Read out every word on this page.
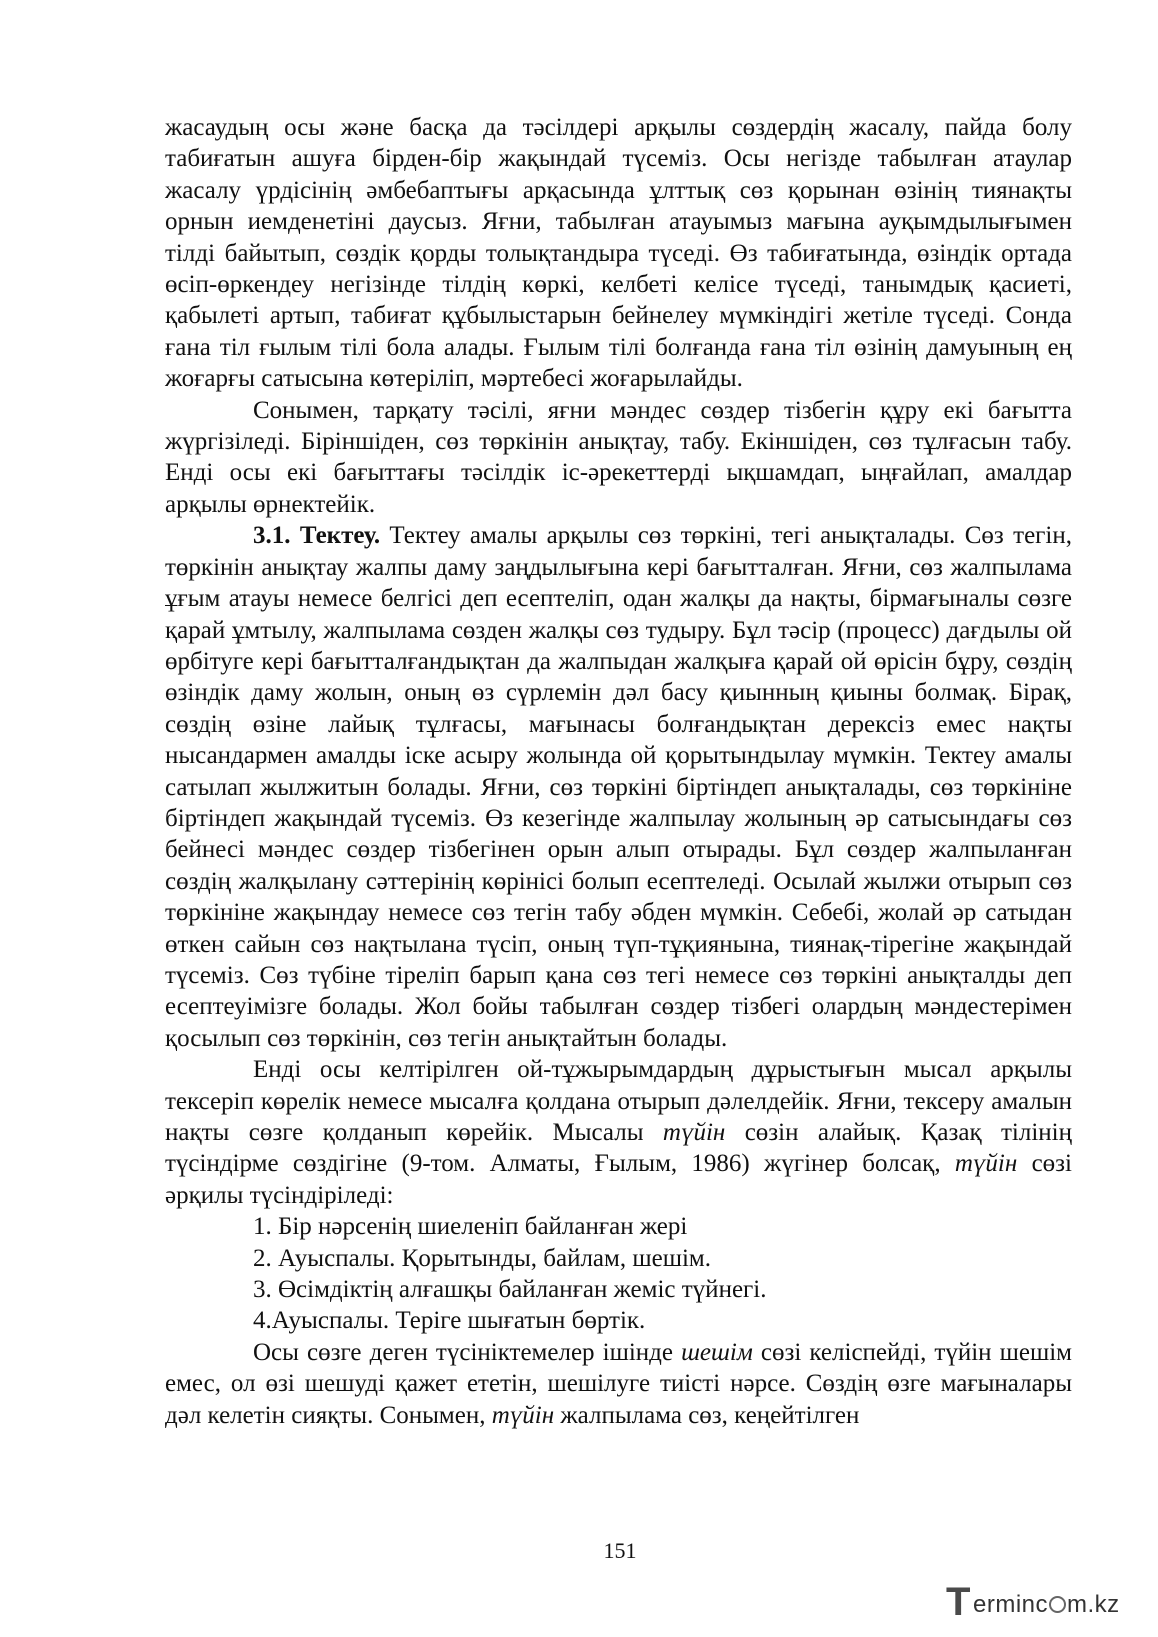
жасаудың осы және басқа да тәсілдері арқылы сөздердің жасалу, пайда болу табиғатын ашуға бірден-бір жақындай түсеміз. Осы негізде табылған атаулар жасалу үрдісінің әмбебаптығы арқасында ұлттық сөз қорынан өзінің тиянақты орнын иемденетіні даусыз. Яғни, табылған атауымыз мағына ауқымдылығымен тілді байытып, сөздік қорды толықтандыра түседі. Өз табиғатында, өзіндік ортада өсіп-өркендеу негізінде тілдің көркі, келбеті келісе түседі, танымдық қасиеті, қабылеті артып, табиғат құбылыстарын бейнелеу мүмкіндігі жетіле түседі. Сонда ғана тіл ғылым тілі бола алады. Ғылым тілі болғанда ғана тіл өзінің дамуының ең жоғарғы сатысына көтеріліп, мәртебесі жоғарылайды.

Сонымен, тарқату тәсілі, яғни мәндес сөздер тізбегін құру екі бағытта жүргізіледі. Біріншіден, сөз төркінін анықтау, табу. Екіншіден, сөз тұлғасын табу. Енді осы екі бағыттағы тәсілдік іс-әрекеттерді ықшамдап, ыңғайлап, амалдар арқылы өрнектейік.

3.1. Тектеу. Тектеу амалы арқылы сөз төркіні, тегі анықталады. Сөз тегін, төркінін анықтау жалпы даму заңдылығына кері бағытталған. Яғни, сөз жалпылама ұғым атауы немесе белгісі деп есептеліп, одан жалқы да нақты, бірмағыналы сөзге қарай ұмтылу, жалпылама сөзден жалқы сөз тудыру. Бұл тәсір (процесс) дағдылы ой өрбітуге кері бағытталғандықтан да жалпыдан жалқыға қарай ой өрісін бұру, сөздің өзіндік даму жолын, оның өз сүрлемін дәл басу қиынның қиыны болмақ. Бірақ, сөздің өзіне лайық тұлғасы, мағынасы болғандықтан дерексіз емес нақты нысандармен амалды іске асыру жолында ой қорытындылау мүмкін. Тектеу амалы сатылап жылжитын болады. Яғни, сөз төркіні біртіндеп анықталады, сөз төркініне біртіндеп жақындай түсеміз. Өз кезегінде жалпылау жолының әр сатысындағы сөз бейнесі мәндес сөздер тізбегінен орын алып отырады. Бұл сөздер жалпыланған сөздің жалқылану сәттерінің көрінісі болып есептеледі. Осылай жылжи отырып сөз төркініне жақындау немесе сөз тегін табу әбден мүмкін. Себебі, жолай әр сатыдан өткен сайын сөз нақтылана түсіп, оның түп-тұқиянына, тиянақ-тірегіне жақындай түсеміз. Сөз түбіне тіреліп барып қана сөз тегі немесе сөз төркіні анықталды деп есептеуімізге болады. Жол бойы табылған сөздер тізбегі олардың мәндестерімен қосылып сөз төркінін, сөз тегін анықтайтын болады.

Енді осы келтірілген ой-тұжырымдардың дұрыстығын мысал арқылы тексеріп көрелік немесе мысалға қолдана отырып дәлелдейік. Яғни, тексеру амалын нақты сөзге қолданып көрейік. Мысалы түйін сөзін алайық. Қазақ тілінің түсіндірме сөздігіне (9-том. Алматы, Ғылым, 1986) жүгінер болсақ, түйін сөзі әрқилы түсіндіріледі:

1. Бір нәрсенің шиеленіп байланған жері

2. Ауыспалы. Қорытынды, байлам, шешім.

3. Өсімдіктің алғашқы байланған жеміс түйнегі.

4.Ауыспалы. Теріге шығатын бөртік.

Осы сөзге деген түсініктемелер ішінде шешім сөзі келіспейді, түйін шешім емес, ол өзі шешуді қажет ететін, шешілуге тиісті нәрсе. Сөздің өзге мағыналары дәл келетін сияқты. Сонымен, түйін жалпылама сөз, кеңейтілген

151
T erminc m.kz
